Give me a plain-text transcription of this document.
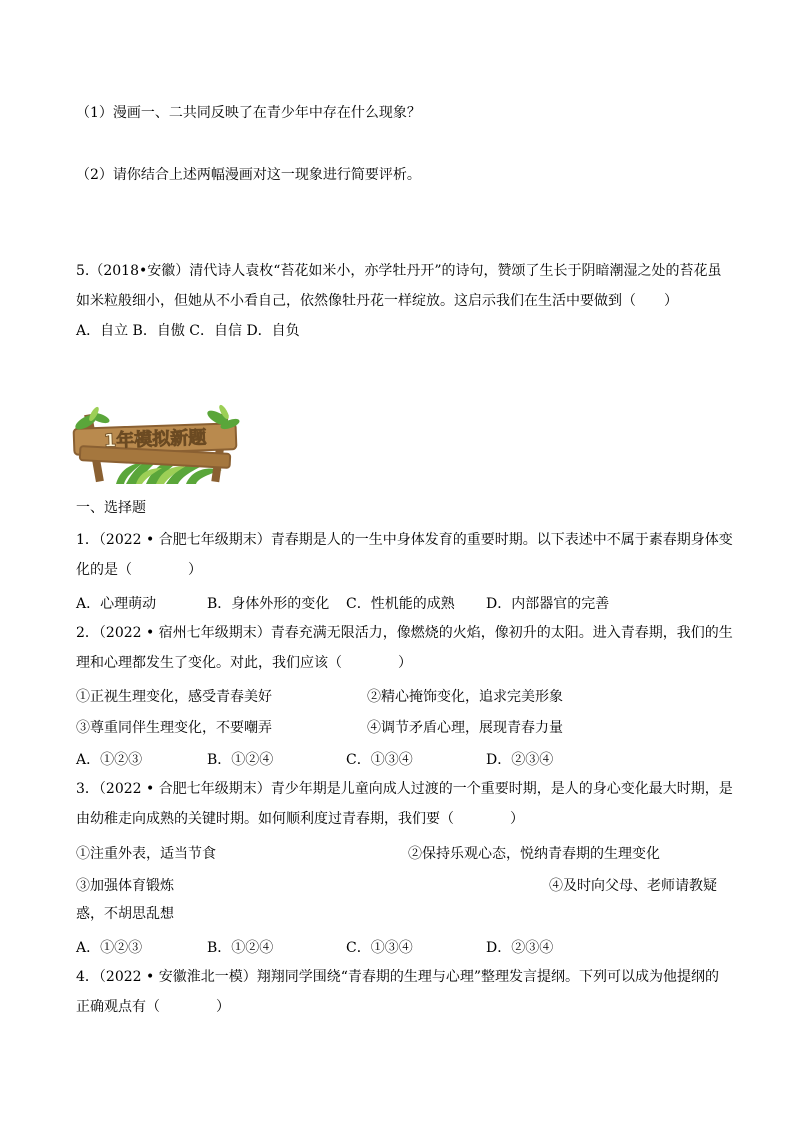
（1）漫画一、二共同反映了在青少年中存在什么现象？
（2）请你结合上述两幅漫画对这一现象进行简要评析。
5.（2018•安徽）清代诗人袁枚“苔花如米小，亦学牡丹开”的诗句，赞颂了生长于阴暗潮湿之处的苔花虽
如米粒般细小，但她从不小看自己，依然像牡丹花一样绽放。这启示我们在生活中要做到（　　）
A．自立 B．自傲 C．自信 D．自负
1年模拟新题
一、选择题
1．（2022 • 合肥七年级期末）青春期是人的一生中身体发育的重要时期。以下表述中不属于素春期身体变
化的是（　　　　）
A．心理萌动	B．身体外形的变化 C．性机能的成熟 D．内部器官的完善
2．（2022 • 宿州七年级期末）青春充满无限活力，像燃烧的火焰，像初升的太阳。进入青春期，我们的生
理和心理都发生了变化。对此，我们应该（　　　　）
①正视生理变化，感受青春美好	②精心掩饰变化，追求完美形象
③尊重同伴生理变化，不要嘲弄	④调节矛盾心理，展现青春力量
A．①②③	B．①②④	C．①③④	D．②③④
3．（2022 • 合肥七年级期末）青少年期是儿童向成人过渡的一个重要时期，是人的身心变化最大时期，是
由幼稚走向成熟的关键时期。如何顺利度过青春期，我们要（　　　　）
①注重外表，适当节食	②保持乐观心态，悦纳青春期的生理变化
③加强体育锻炼	④及时向父母、老师请教疑
惑，不胡思乱想
A．①②③	B．①②④	C．①③④	D．②③④
4．（2022 • 安徽淮北一模）翔翔同学围绕“青春期的生理与心理”整理发言提纲。下列可以成为他提纲的
正确观点有（　　　　）
